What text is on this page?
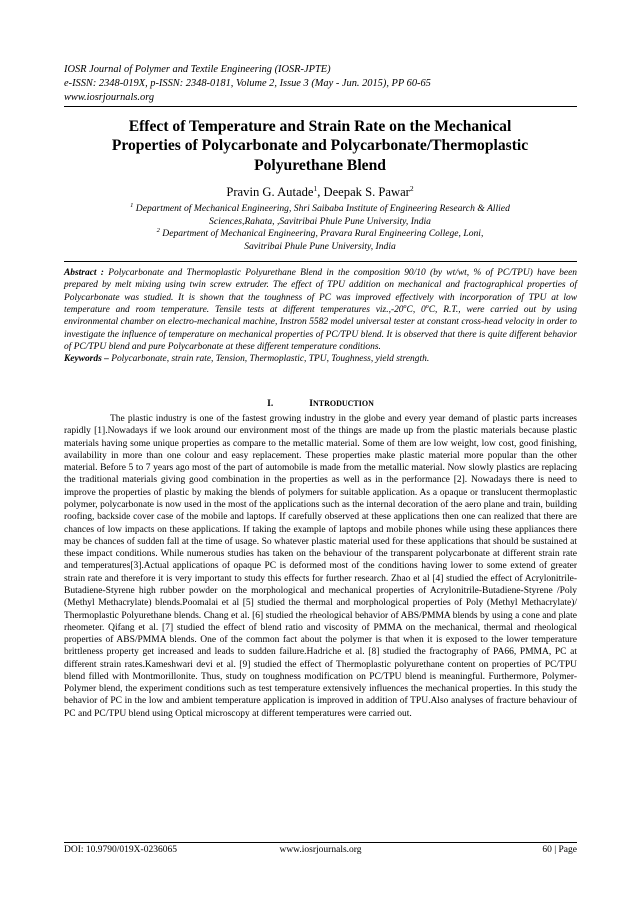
IOSR Journal of Polymer and Textile Engineering (IOSR-JPTE)
e-ISSN: 2348-019X, p-ISSN: 2348-0181, Volume 2, Issue 3 (May - Jun. 2015), PP 60-65
www.iosrjournals.org
Effect of Temperature and Strain Rate on the Mechanical
Properties of Polycarbonate and Polycarbonate/Thermoplastic
Polyurethane Blend
Pravin G. Autade$^1$, Deepak S. Pawar$^2$
$^1$ Department of Mechanical Engineering, Shri Saibaba Institute of Engineering Research & Allied
Sciences,Rahata, ,Savitribai Phule Pune University, India
$^2$ Department of Mechanical Engineering, Pravara Rural Engineering College, Loni,
Savitribai Phule Pune University, India

Abstract : Polycarbonate and Thermoplastic Polyurethane Blend in the composition 90/10 (by wt/wt, % of PC/TPU) have been prepared by melt mixing using twin screw extruder. The effect of TPU addition on mechanical and fractographical properties of Polycarbonate was studied. It is shown that the toughness of PC was improved effectively with incorporation of TPU at low temperature and room temperature. Tensile tests at different temperatures viz.,-20$^o$C, 0$^o$C, R.T., were carried out by using environmental chamber on electro-mechanical machine, Instron 5582 model universal tester at constant cross-head velocity in order to investigate the influence of temperature on mechanical properties of PC/TPU blend. It is observed that there is quite different behavior of PC/TPU blend and pure Polycarbonate at these different temperature conditions.

Keywords – Polycarbonate, strain rate, Tension, Thermoplastic, TPU, Toughness, yield strength.

I.	INTRODUCTION

The plastic industry is one of the fastest growing industry in the globe and every year demand of plastic parts increases rapidly [1].Nowadays if we look around our environment most of the things are made up from the plastic materials because plastic materials having some unique properties as compare to the metallic material. Some of them are low weight, low cost, good finishing, availability in more than one colour and easy replacement. These properties make plastic material more popular than the other material. Before 5 to 7 years ago most of the part of automobile is made from the metallic material. Now slowly plastics are replacing the traditional materials giving good combination in the properties as well as in the performance [2]. Nowadays there is need to improve the properties of plastic by making the blends of polymers for suitable application. As a opaque or translucent thermoplastic polymer, polycarbonate is now used in the most of the applications such as the internal decoration of the aero plane and train, building roofing, backside cover case of the mobile and laptops. If carefully observed at these applications then one can realized that there are chances of low impacts on these applications. If taking the example of laptops and mobile phones while using these appliances there may be chances of sudden fall at the time of usage. So whatever plastic material used for these applications that should be sustained at these impact conditions. While numerous studies has taken on the behaviour of the transparent polycarbonate at different strain rate and temperatures[3].Actual applications of opaque PC is deformed most of the conditions having lower to some extend of greater strain rate and therefore it is very important to study this effects for further research. Zhao et al [4] studied the effect of Acrylonitrile- Butadiene-Styrene high rubber powder on the morphological and mechanical properties of Acrylonitrile-Butadiene-Styrene /Poly (Methyl Methacrylate) blends.Poomalai et al [5] studied the thermal and morphological properties of Poly (Methyl Methacrylate)/ Thermoplastic Polyurethane blends. Chang et al. [6] studied the rheological behavior of ABS/PMMA blends by using a cone and plate rheometer. Qifang et al. [7] studied the effect of blend ratio and viscosity of PMMA on the mechanical, thermal and rheological properties of ABS/PMMA blends. One of the common fact about the polymer is that when it is exposed to the lower temperature brittleness property get increased and leads to sudden failure.Hadriche et al. [8] studied the fractography of PA66, PMMA, PC at different strain rates.Kameshwari devi et al. [9] studied the effect of Thermoplastic polyurethane content on properties of PC/TPU blend filled with Montmorillonite. Thus, study on toughness modification on PC/TPU blend is meaningful. Furthermore, Polymer-Polymer blend, the experiment conditions such as test temperature extensively influences the mechanical properties. In this study the behavior of PC in the low and ambient temperature application is improved in addition of TPU.Also analyses of fracture behaviour of PC and PC/TPU blend using Optical microscopy at different temperatures were carried out.

DOI: 10.9790/019X-0236065	www.iosrjournals.org	60 | Page
